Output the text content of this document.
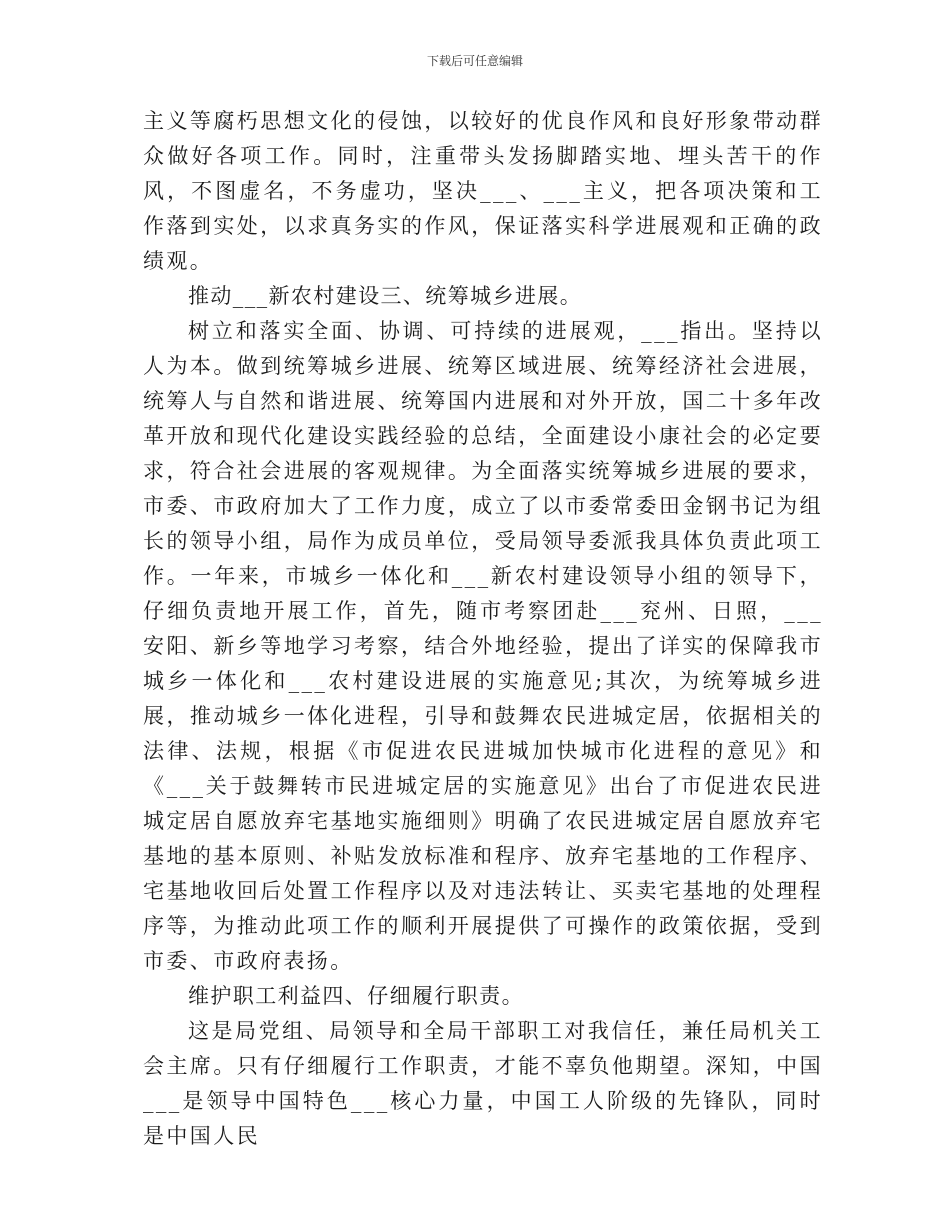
下载后可任意编辑

主义等腐朽思想文化的侵蚀，以较好的优良作风和良好形象带动群众做好各项工作。同时，注重带头发扬脚踏实地、埋头苦干的作风，不图虚名，不务虚功，坚决___、___主义，把各项决策和工作落到实处，以求真务实的作风，保证落实科学进展观和正确的政绩观。

推动___新农村建设三、统筹城乡进展。

树立和落实全面、协调、可持续的进展观，___指出。坚持以人为本。做到统筹城乡进展、统筹区域进展、统筹经济社会进展，统筹人与自然和谐进展、统筹国内进展和对外开放，国二十多年改革开放和现代化建设实践经验的总结，全面建设小康社会的必定要求，符合社会进展的客观规律。为全面落实统筹城乡进展的要求，市委、市政府加大了工作力度，成立了以市委常委田金钢书记为组长的领导小组，局作为成员单位，受局领导委派我具体负责此项工作。一年来，市城乡一体化和___新农村建设领导小组的领导下，仔细负责地开展工作，首先，随市考察团赴___兖州、日照，___安阳、新乡等地学习考察，结合外地经验，提出了详实的保障我市城乡一体化和___农村建设进展的实施意见;其次，为统筹城乡进展，推动城乡一体化进程，引导和鼓舞农民进城定居，依据相关的法律、法规，根据《市促进农民进城加快城市化进程的意见》和《___关于鼓舞转市民进城定居的实施意见》出台了市促进农民进城定居自愿放弃宅基地实施细则》明确了农民进城定居自愿放弃宅基地的基本原则、补贴发放标准和程序、放弃宅基地的工作程序、宅基地收回后处置工作程序以及对违法转让、买卖宅基地的处理程序等，为推动此项工作的顺利开展提供了可操作的政策依据，受到市委、市政府表扬。

维护职工利益四、仔细履行职责。

这是局党组、局领导和全局干部职工对我信任，兼任局机关工会主席。只有仔细履行工作职责，才能不辜负他期望。深知，中国___是领导中国特色___核心力量，中国工人阶级的先锋队，同时是中国人民
